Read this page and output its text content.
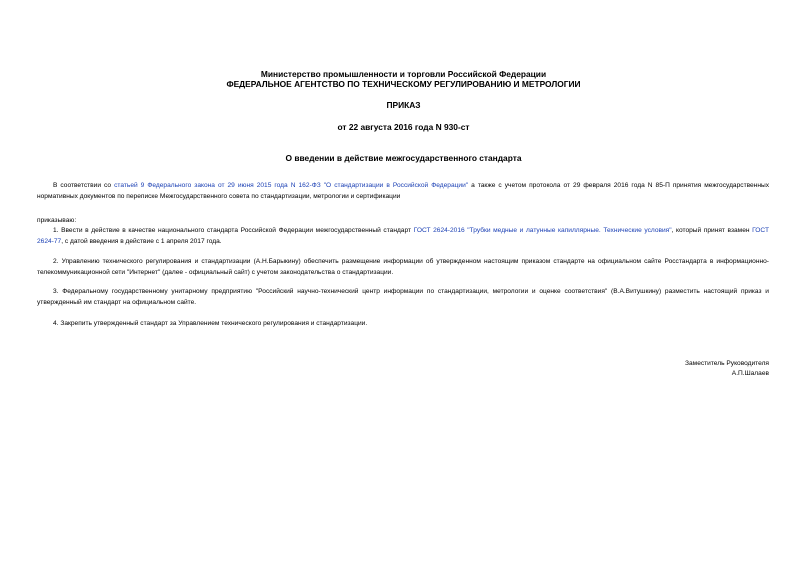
Министерство промышленности и торговли Российской Федерации
ФЕДЕРАЛЬНОЕ АГЕНТСТВО ПО ТЕХНИЧЕСКОМУ РЕГУЛИРОВАНИЮ И МЕТРОЛОГИИ
ПРИКАЗ
от 22 августа 2016 года N 930-ст
О введении в действие межгосударственного стандарта
В соответствии со статьей 9 Федерального закона от 29 июня 2015 года N 162-ФЗ "О стандартизации в Российской Федерации" а также с учетом протокола от 29 февраля 2016 года N 85-П принятия межгосударственных нормативных документов по переписке Межгосударственного совета по стандартизации, метрологии и сертификации
приказываю:
1. Ввести в действие в качестве национального стандарта Российской Федерации межгосударственный стандарт ГОСТ 2624-2016 "Трубки медные и латунные капиллярные. Технические условия", который принят взамен ГОСТ 2624-77, с датой введения в действие с 1 апреля 2017 года.
2. Управлению технического регулирования и стандартизации (А.Н.Барыкину) обеспечить размещение информации об утвержденном настоящим приказом стандарте на официальном сайте Росстандарта в информационно-телекоммуникационной сети "Интернет" (далее - официальный сайт) с учетом законодательства о стандартизации.
3. Федеральному государственному унитарному предприятию "Российский научно-технический центр информации по стандартизации, метрологии и оценке соответствия" (В.А.Витушкину) разместить настоящий приказ и утвержденный им стандарт на официальном сайте.
4. Закрепить утвержденный стандарт за Управлением технического регулирования и стандартизации.
Заместитель Руководителя
А.П.Шалаев
